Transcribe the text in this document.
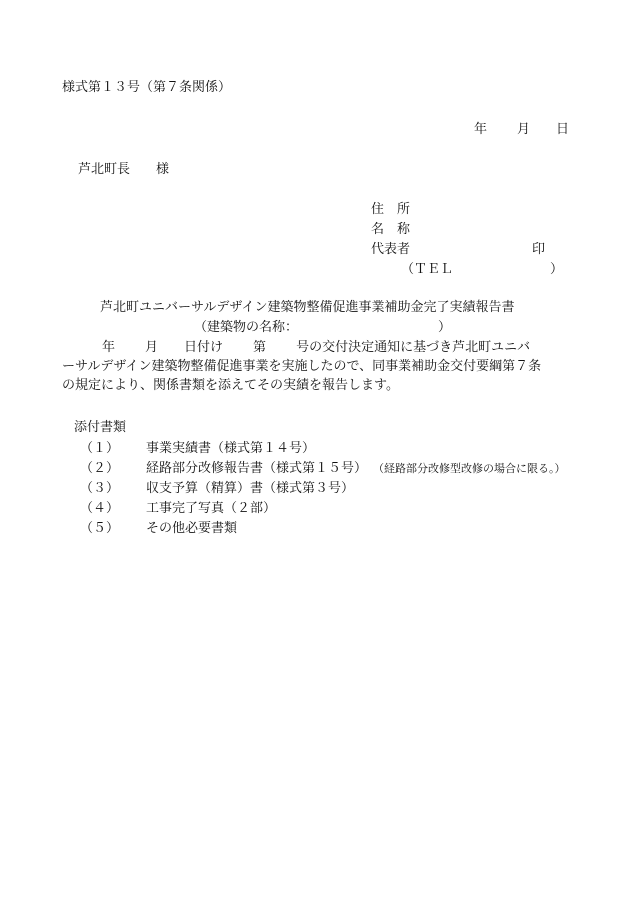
様式第１３号（第７条関係）
年 月 日
芦北町長 様
住　所
名　称
代表者	印
（ＴＥＬ	）
芦北町ユニバーサルデザイン建築物整備促進事業補助金完了実績報告書
（建築物の名称：	）

年 月 日付け 第 号の交付決定通知に基づき芦北町ユニバ

ーサルデザイン建築物整備促進事業を実施したので、同事業補助金交付要綱第７条

の規定により、関係書類を添えてその実績を報告します。

添付書類
（１）	事業実績書（様式第１４号）
（２）	経路部分改修報告書（様式第１５号） （経路部分改修型改修の場合に限る。）
（３）	収支予算（精算）書（様式第３号）
（４）	工事完了写真（２部）
（５）	その他必要書類
